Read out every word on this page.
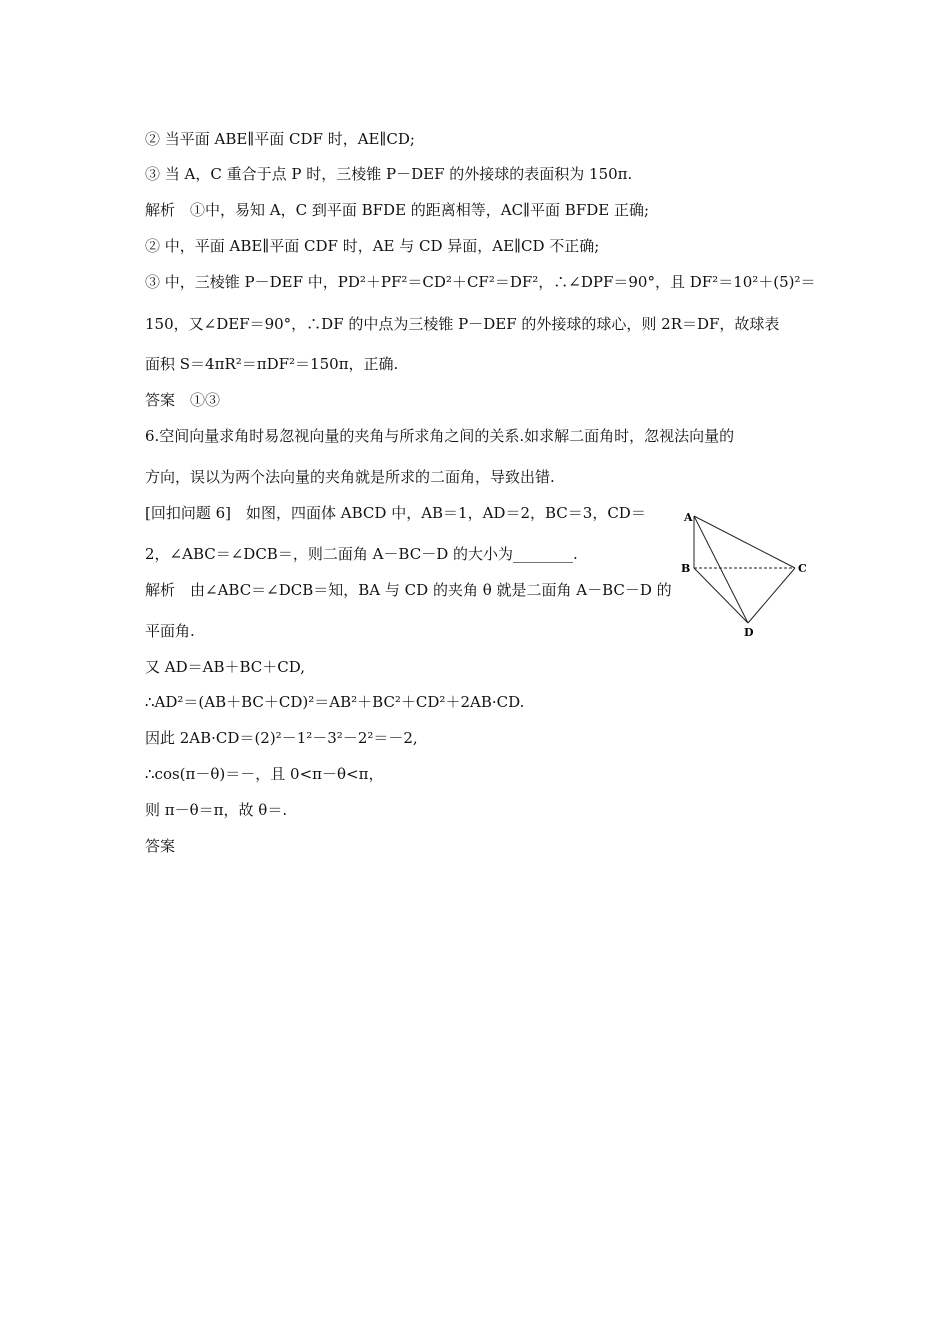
② 当平面 ABE∥平面 CDF 时，AE∥CD;
③ 当 A，C 重合于点 P 时，三棱锥 P－DEF 的外接球的表面积为 150π.
解析　①中，易知 A，C 到平面 BFDE 的距离相等，AC∥平面 BFDE 正确;
② 中，平面 ABE∥平面 CDF 时，AE 与 CD 异面，AE∥CD 不正确;
③ 中，三棱锥 P－DEF 中，PD²＋PF²＝CD²＋CF²＝DF²，∴∠DPF＝90°，且 DF²＝10²＋(5)²＝
150，又∠DEF＝90°，∴DF 的中点为三棱锥 P－DEF 的外接球的球心，则 2R＝DF，故球表
面积 S＝4πR²＝πDF²＝150π，正确.
答案　①③
6.空间向量求角时易忽视向量的夹角与所求角之间的关系.如求解二面角时，忽视法向量的
方向，误以为两个法向量的夹角就是所求的二面角，导致出错.
[回扣问题 6]　如图，四面体 ABCD 中，AB＝1，AD＝2，BC＝3，CD＝
2，∠ABC＝∠DCB＝，则二面角 A－BC－D 的大小为________.
解析　由∠ABC＝∠DCB＝知，BA 与 CD 的夹角 θ 就是二面角 A－BC－D 的
平面角.
又 AD＝AB＋BC＋CD,
∴AD²＝(AB＋BC＋CD)²＝AB²＋BC²＋CD²＋2AB·CD.
因此 2AB·CD＝(2)²－1²－3²－2²＝－2,
∴cos(π－θ)＝－，且 0<π－θ<π，
则 π－θ＝π，故 θ＝.
答案
A
B	C
D
